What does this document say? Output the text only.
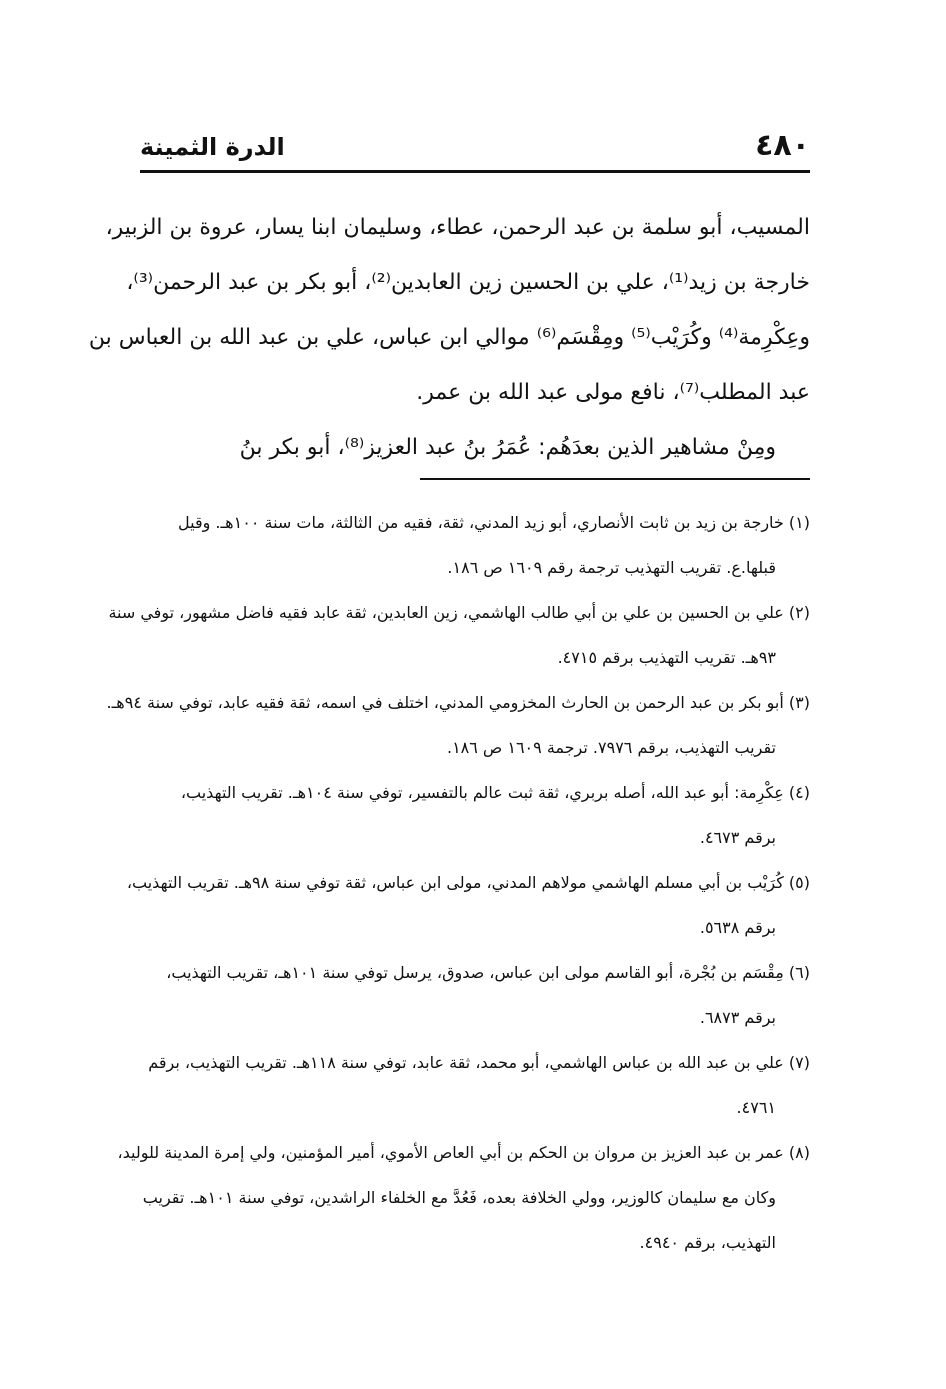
٤٨٠
الدرة الثمينة
المسيب، أبو سلمة بن عبد الرحمن، عطاء، وسليمان ابنا يسار، عروة بن الزبير،
خارجة بن زيد⁽¹⁾، علي بن الحسين زين العابدين⁽²⁾، أبو بكر بن عبد الرحمن⁽³⁾،
وعِكْرِمة⁽⁴⁾ وكُرَيْب⁽⁵⁾ ومِقْسَم⁽⁶⁾ موالي ابن عباس، علي بن عبد الله بن العباس بن
عبد المطلب⁽⁷⁾، نافع مولى عبد الله بن عمر.
ومِنْ مشاهير الذين بعدَهُم: عُمَرُ بنُ عبد العزيز⁽⁸⁾، أبو بكر بنُ
(١) خارجة بن زيد بن ثابت الأنصاري، أبو زيد المدني، ثقة، فقيه من الثالثة، مات سنة ١٠٠هـ. وقيل
قبلها.ع. تقريب التهذيب ترجمة رقم ١٦٠٩ ص ١٨٦.
(٢) علي بن الحسين بن علي بن أبي طالب الهاشمي، زين العابدين، ثقة عابد فقيه فاضل مشهور، توفي سنة
٩٣هـ. تقريب التهذيب برقم ٤٧١٥.
(٣) أبو بكر بن عبد الرحمن بن الحارث المخزومي المدني، اختلف في اسمه، ثقة فقيه عابد، توفي سنة ٩٤هـ.
تقريب التهذيب، برقم ٧٩٧٦. ترجمة ١٦٠٩ ص ١٨٦.
(٤) عِكْرِمة: أبو عبد الله، أصله بربري، ثقة ثبت عالم بالتفسير، توفي سنة ١٠٤هـ. تقريب التهذيب،
برقم ٤٦٧٣.
(٥) كُرَيْب بن أبي مسلم الهاشمي مولاهم المدني، مولى ابن عباس، ثقة توفي سنة ٩٨هـ. تقريب التهذيب،
برقم ٥٦٣٨.
(٦) مِقْسَم بن بُجْرة، أبو القاسم مولى ابن عباس، صدوق، يرسل توفي سنة ١٠١هـ، تقريب التهذيب،
برقم ٦٨٧٣.
(٧) علي بن عبد الله بن عباس الهاشمي، أبو محمد، ثقة عابد، توفي سنة ١١٨هـ. تقريب التهذيب، برقم
٤٧٦١.
(٨) عمر بن عبد العزيز بن مروان بن الحكم بن أبي العاص الأموي، أمير المؤمنين، ولي إمرة المدينة للوليد،
وكان مع سليمان كالوزير، وولي الخلافة بعده، فَعُدَّ مع الخلفاء الراشدين، توفي سنة ١٠١هـ. تقريب
التهذيب، برقم ٤٩٤٠.
